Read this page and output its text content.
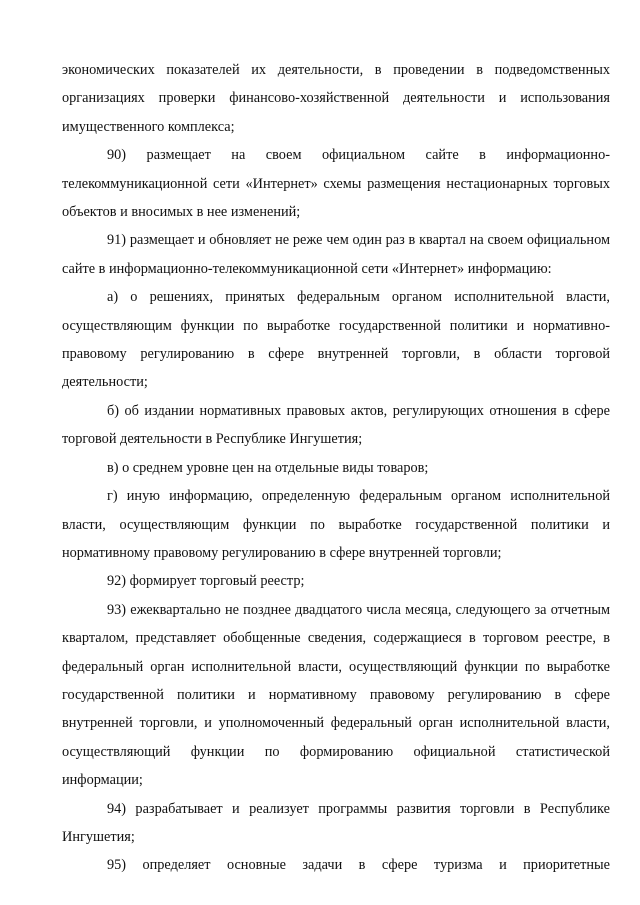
экономических показателей их деятельности, в проведении в подведомственных организациях проверки финансово-хозяйственной деятельности и использования имущественного комплекса;

90) размещает на своем официальном сайте в информационно-телекоммуникационной сети «Интернет» схемы размещения нестационарных торговых объектов и вносимых в нее изменений;

91) размещает и обновляет не реже чем один раз в квартал на своем официальном сайте в информационно-телекоммуникационной сети «Интернет» информацию:

а) о решениях, принятых федеральным органом исполнительной власти, осуществляющим функции по выработке государственной политики и нормативно-правовому регулированию в сфере внутренней торговли, в области торговой деятельности;

б) об издании нормативных правовых актов, регулирующих отношения в сфере торговой деятельности в Республике Ингушетия;

в) о среднем уровне цен на отдельные виды товаров;

г) иную информацию, определенную федеральным органом исполнительной власти, осуществляющим функции по выработке государственной политики и нормативному правовому регулированию в сфере внутренней торговли;

92) формирует торговый реестр;

93) ежеквартально не позднее двадцатого числа месяца, следующего за отчетным кварталом, представляет обобщенные сведения, содержащиеся в торговом реестре, в федеральный орган исполнительной власти, осуществляющий функции по выработке государственной политики и нормативному правовому регулированию в сфере внутренней торговли, и уполномоченный федеральный орган исполнительной власти, осуществляющий функции по формированию официальной статистической информации;

94) разрабатывает и реализует программы развития торговли в Республике Ингушетия;

95) определяет основные задачи в сфере туризма и приоритетные
